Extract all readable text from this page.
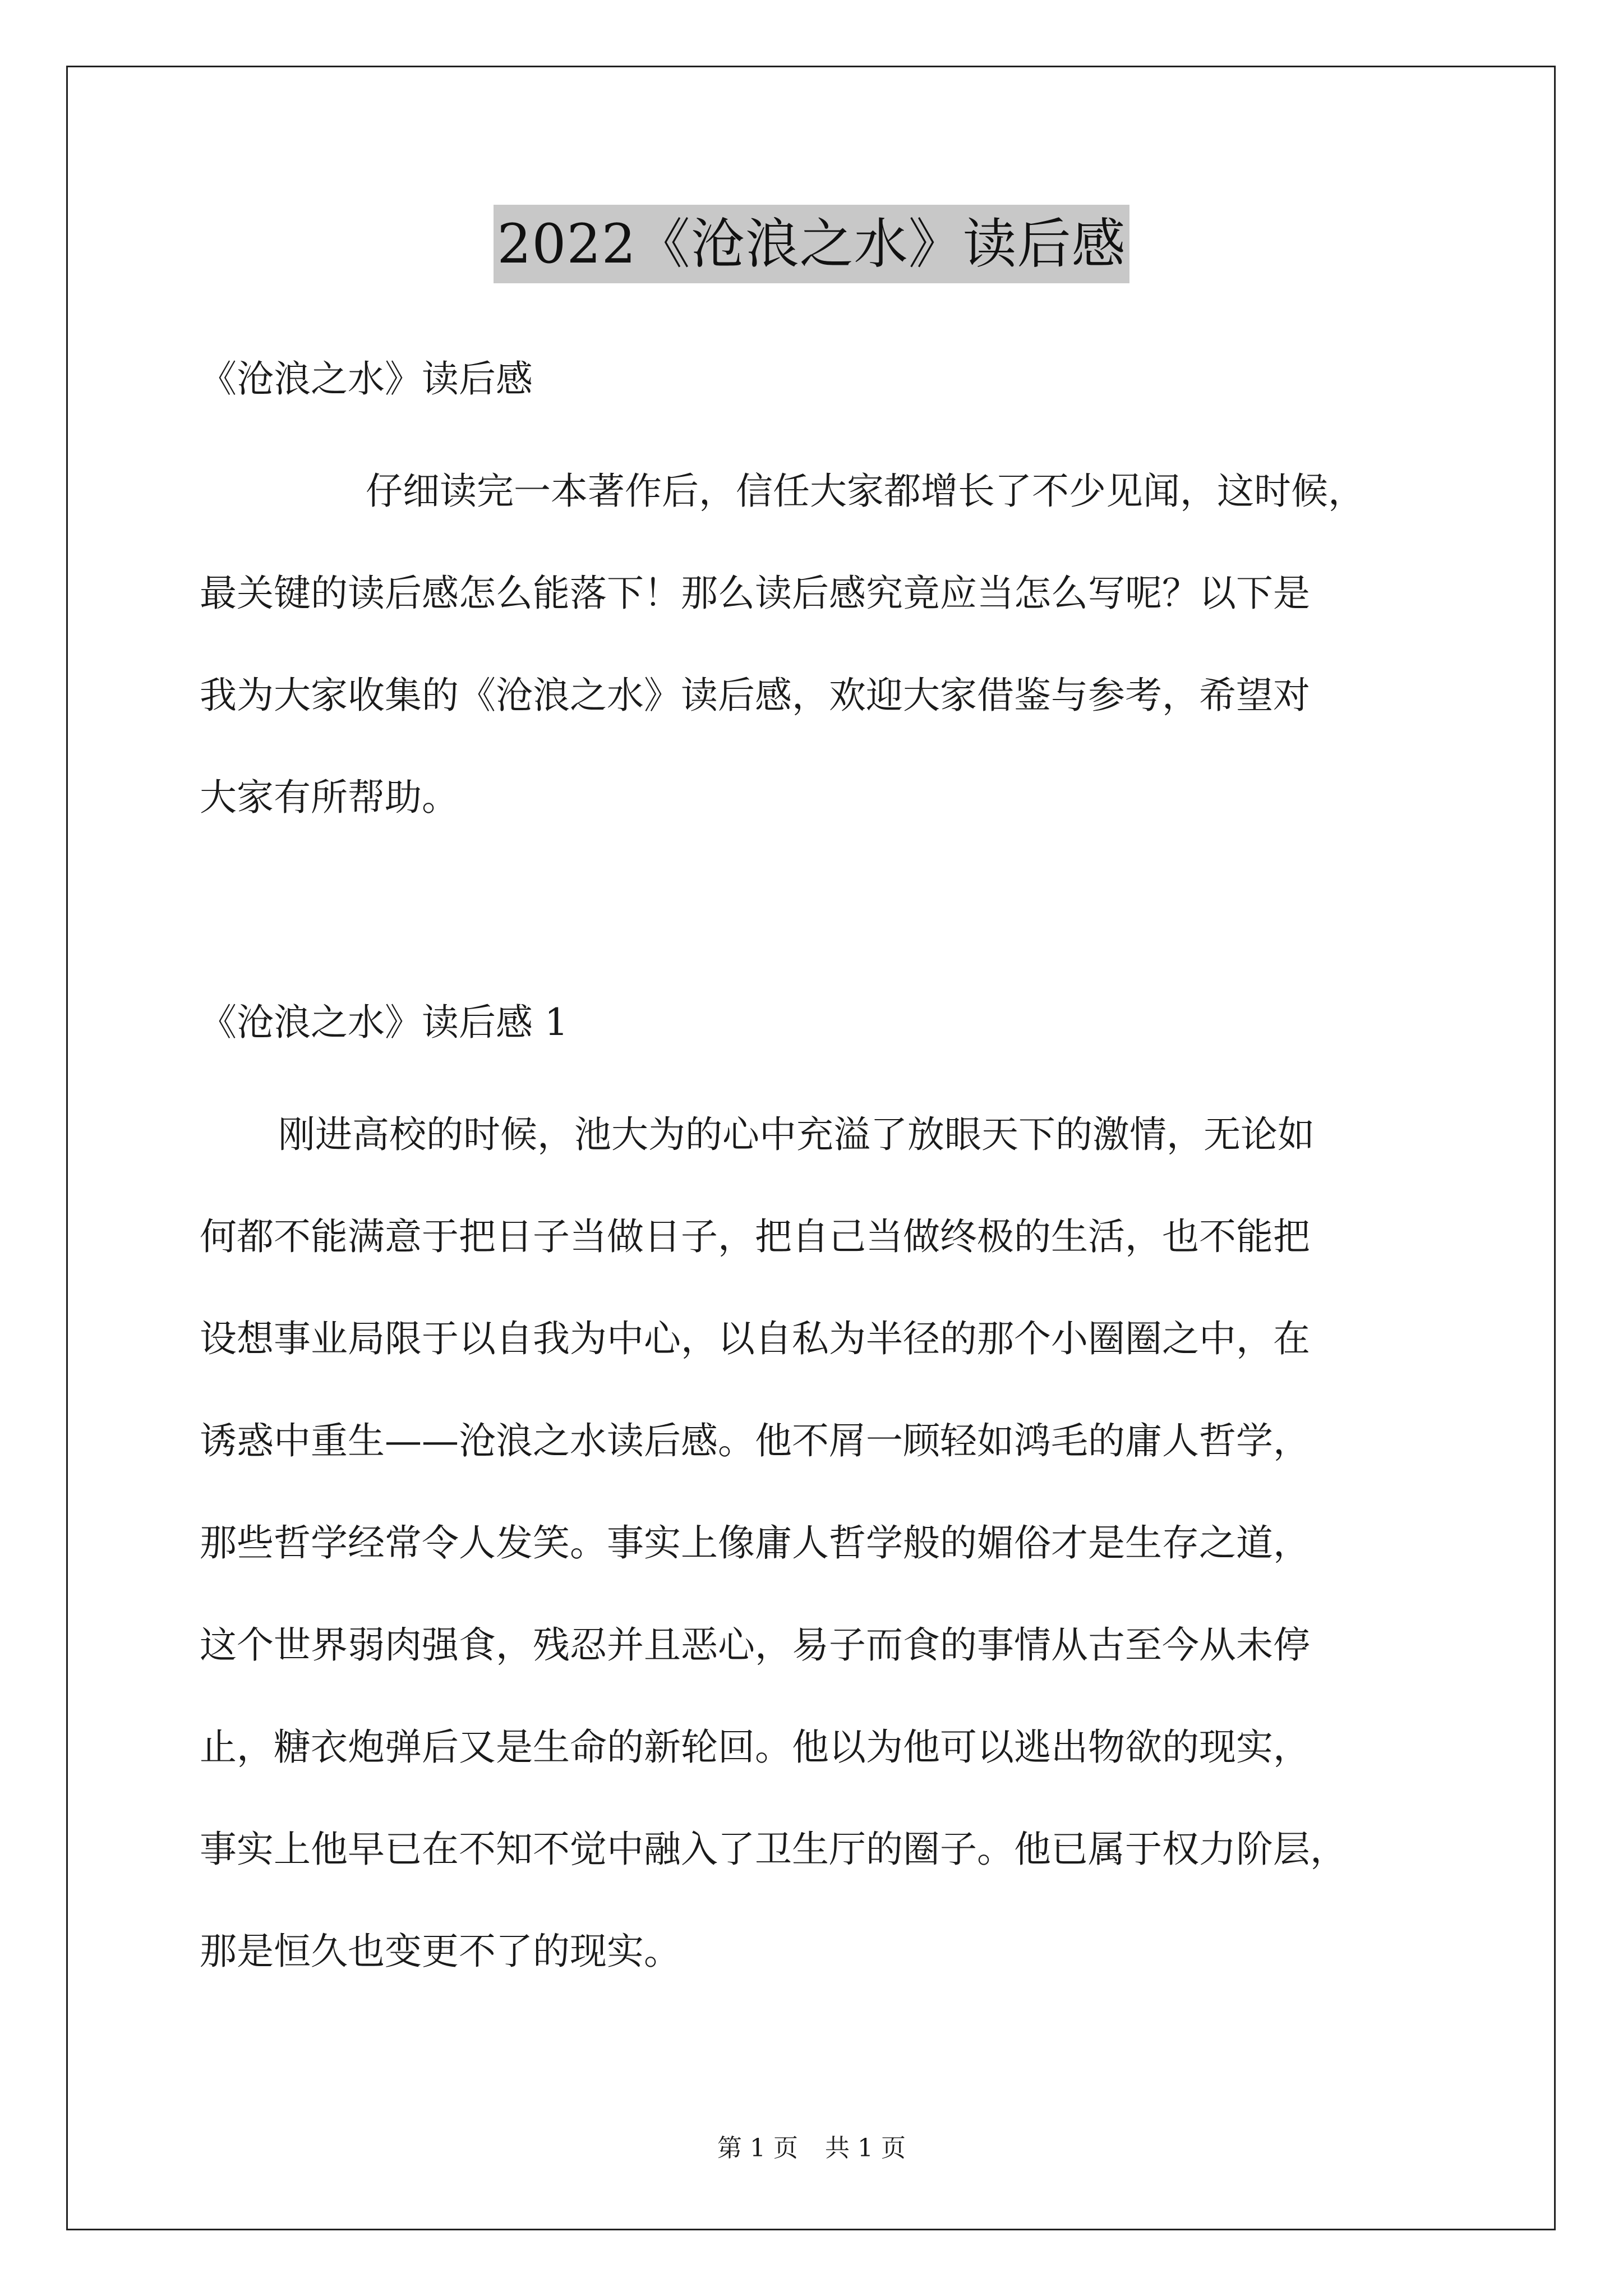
2022《沧浪之水》读后感
《沧浪之水》读后感
仔细读完一本著作后，信任大家都增长了不少见闻，这时候，
最关键的读后感怎么能落下！那么读后感究竟应当怎么写呢？以下是
我为大家收集的《沧浪之水》读后感，欢迎大家借鉴与参考，希望对
大家有所帮助。
《沧浪之水》读后感 1
刚进高校的时候，池大为的心中充溢了放眼天下的激情，无论如
何都不能满意于把日子当做日子，把自己当做终极的生活，也不能把
设想事业局限于以自我为中心，以自私为半径的那个小圈圈之中，在
诱惑中重生——沧浪之水读后感。他不屑一顾轻如鸿毛的庸人哲学，
那些哲学经常令人发笑。事实上像庸人哲学般的媚俗才是生存之道，
这个世界弱肉强食，残忍并且恶心，易子而食的事情从古至今从未停
止，糖衣炮弹后又是生命的新轮回。他以为他可以逃出物欲的现实，
事实上他早已在不知不觉中融入了卫生厅的圈子。他已属于权力阶层，
那是恒久也变更不了的现实。
第 1 页 共 1 页
